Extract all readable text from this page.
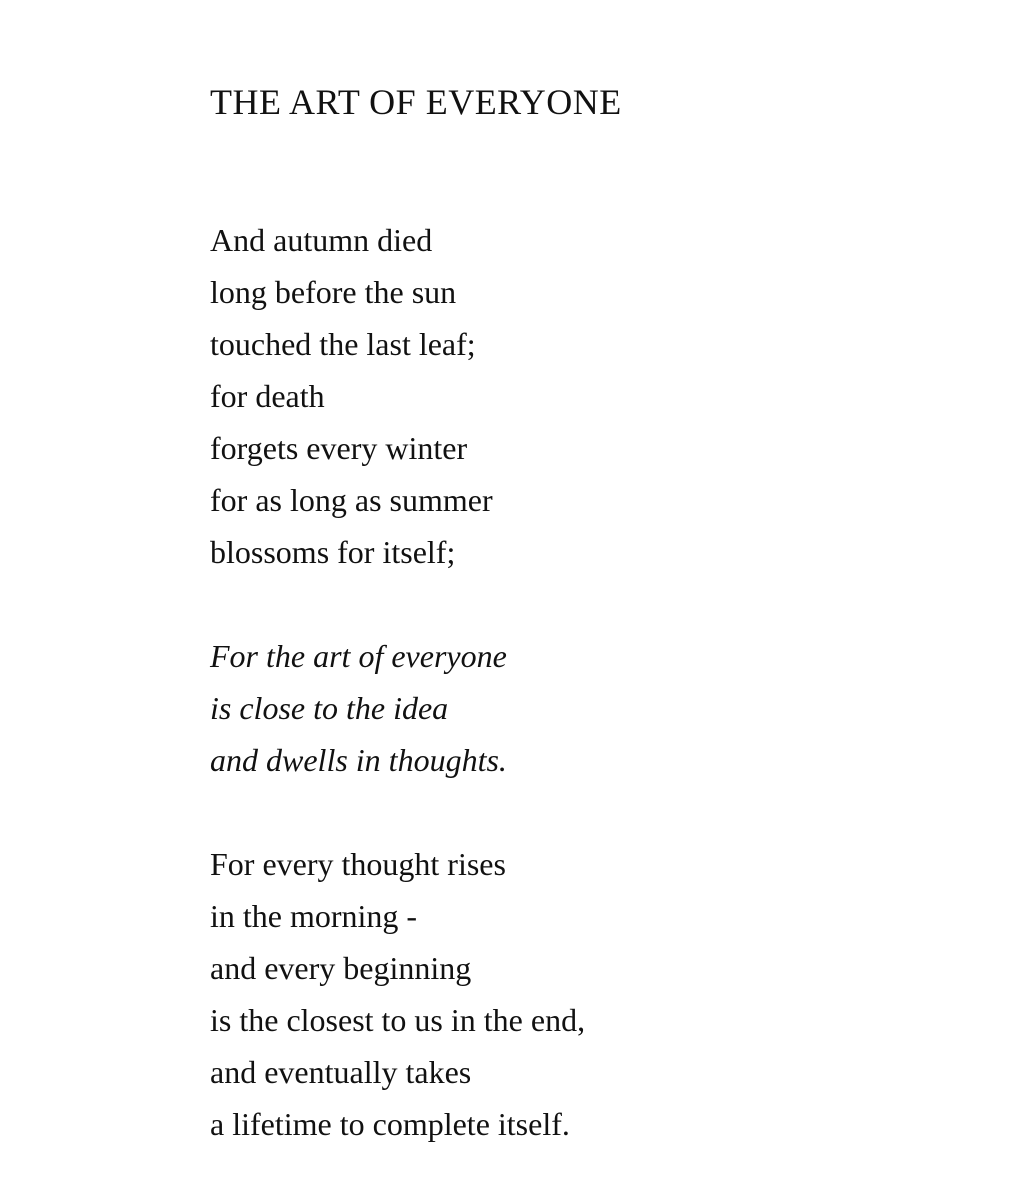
THE ART OF EVERYONE
And autumn died
long before the sun
touched the last leaf;
for death
forgets every winter
for as long as summer
blossoms for itself;
For the art of everyone
is close to the idea
and dwells in thoughts.
For every thought rises
in the morning -
and every beginning
is the closest to us in the end,
and eventually takes
a lifetime to complete itself.
